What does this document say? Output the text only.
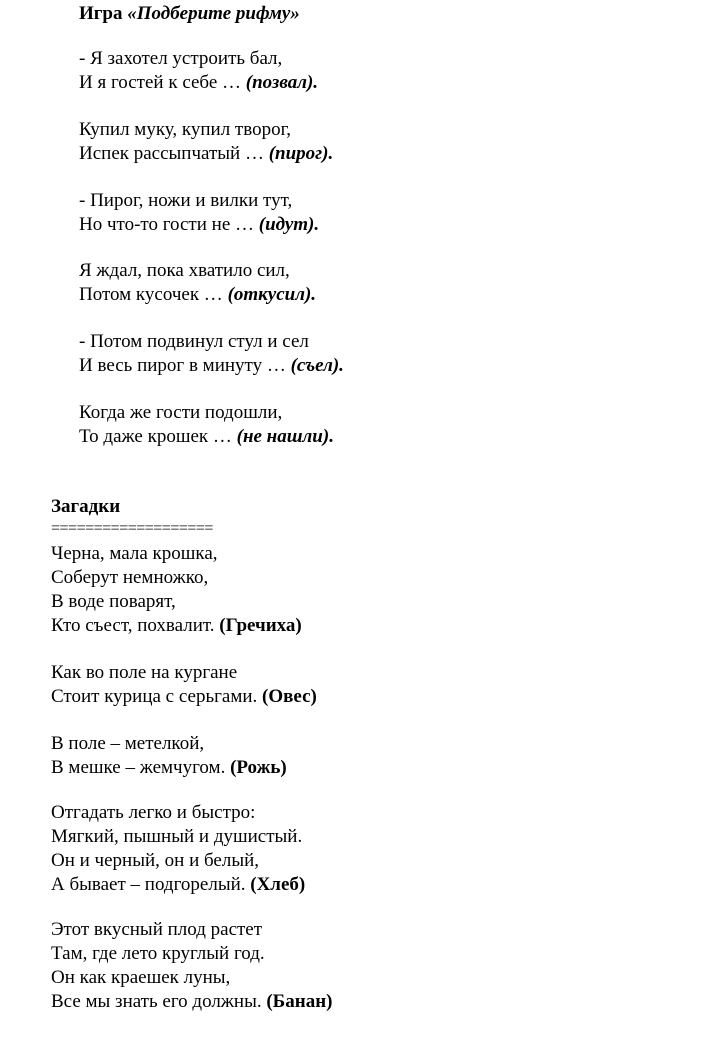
Игра «Подберите рифму»
- Я захотел устроить бал,
И я гостей к себе … (позвал).
Купил муку, купил творог,
Испек рассыпчатый … (пирог).
- Пирог, ножи и вилки тут,
Но что-то гости не … (идут).
Я ждал, пока хватило сил,
Потом кусочек … (откусил).
- Потом подвинул стул и сел
И весь пирог в минуту … (съел).
Когда же гости подошли,
То даже крошек … (не нашли).
Загадки
===================
Черна, мала крошка,
Соберут немножко,
В воде поварят,
Кто съест, похвалит. (Гречиха)
Как во поле на кургане
Стоит курица с серьгами. (Овес)
В поле – метелкой,
В мешке – жемчугом. (Рожь)
Отгадать легко и быстро:
Мягкий, пышный и душистый.
Он и черный, он и белый,
А бывает – подгорелый. (Хлеб)
Этот вкусный плод растет
Там, где лето круглый год.
Он как краешек луны,
Все мы знать его должны. (Банан)
